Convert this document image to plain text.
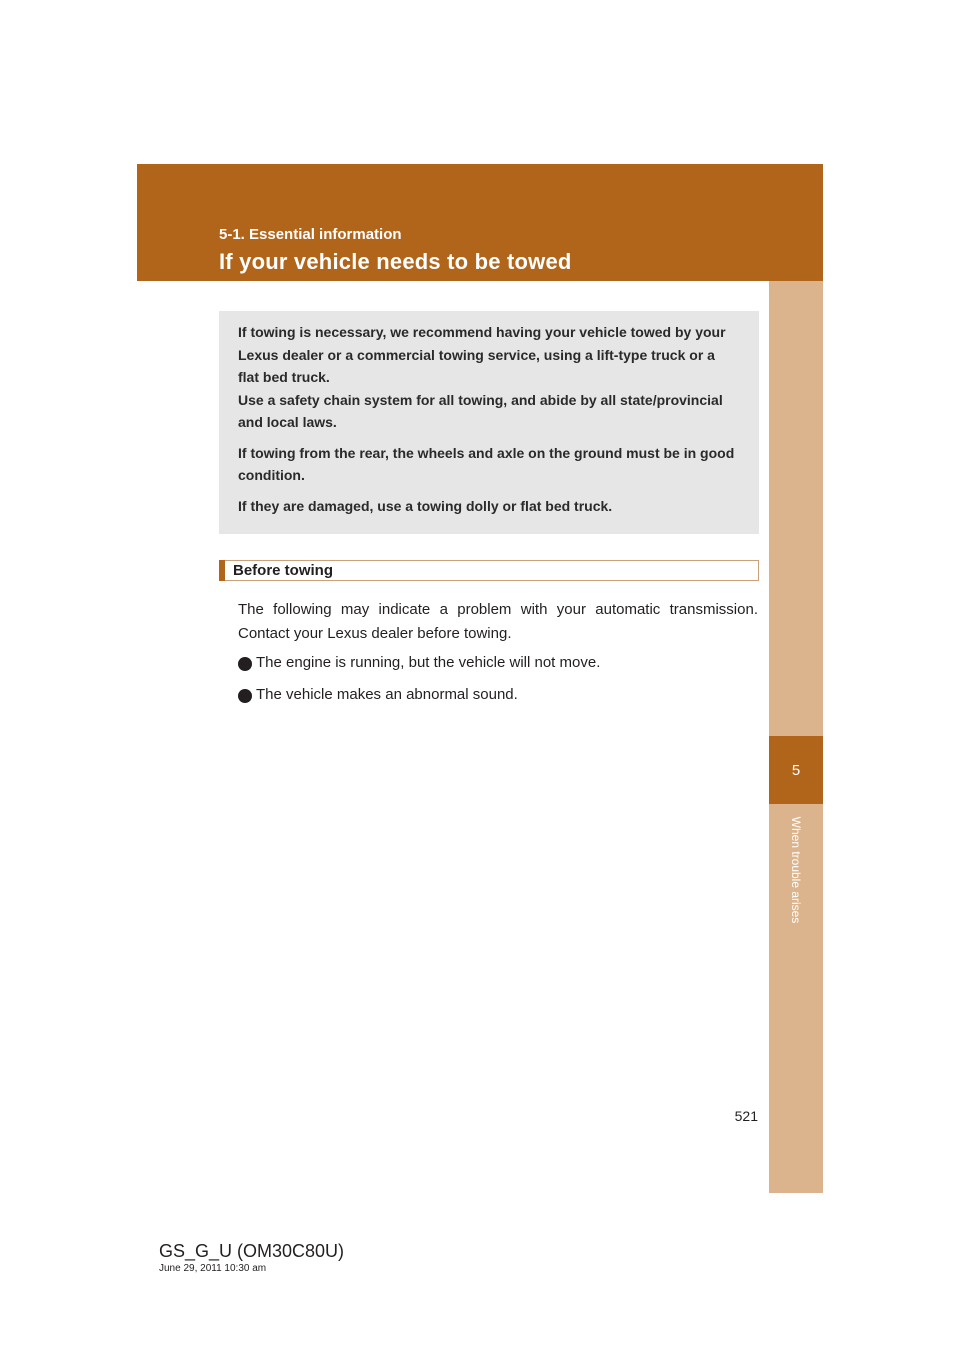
5-1. Essential information

If your vehicle needs to be towed
5
When trouble arises

If towing is necessary, we recommend having your vehicle towed by your Lexus dealer or a commercial towing service, using a lift-type truck or a flat bed truck.

Use a safety chain system for all towing, and abide by all state/provincial and local laws.

If towing from the rear, the wheels and axle on the ground must be in good condition.

If they are damaged, use a towing dolly or flat bed truck.

Before towing

The following may indicate a problem with your automatic transmission. Contact your Lexus dealer before towing.

The engine is running, but the vehicle will not move.
The vehicle makes an abnormal sound.
521

GS_G_U (OM30C80U)

June 29, 2011 10:30 am
